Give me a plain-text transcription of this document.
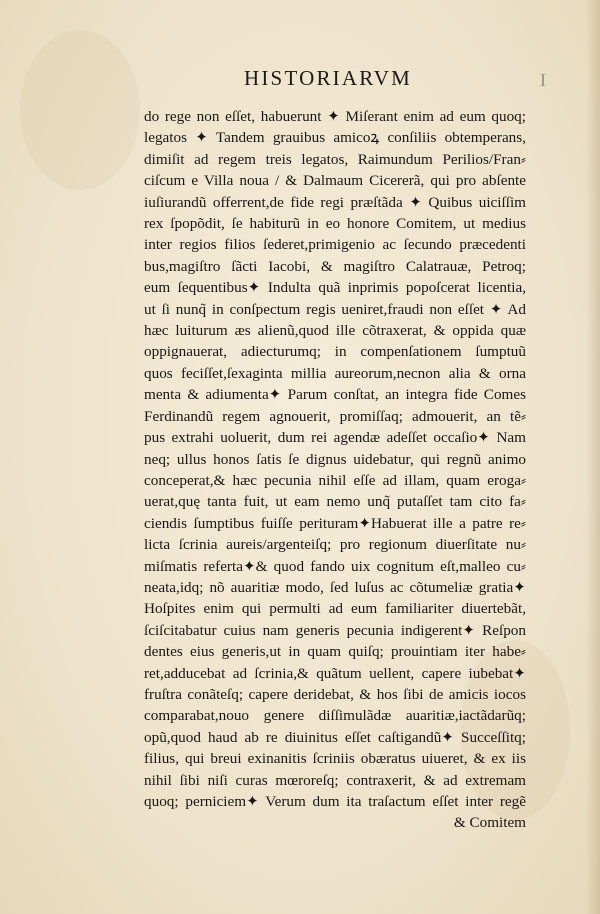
HISTORIARVM	I
do rege non eſſet, habuerunt ✦ Miſerant enim ad eum quoq;
legatos ✦ Tandem grauibus amicoꝝ conſiliis obtemperans,
dimiſit ad regem treis legatos, Raimundum Perilios/Fran⸗
ciſcum e Villa noua / & Dalmaum Cicererã, qui pro abſente
iuſiurandũ offerrent,de fide regi præſtãda ✦ Quibus uiciſſim
rex ſpopõdit, ſe habiturũ in eo honore Comitem, ut medius
inter regios filios ſederet,primigenio ac ſecundo præcedenti
bus,magiſtro ſãcti Iacobi, & magiſtro Calatrauæ, Petroq;
eum ſequentibus✦ Indulta quã inprimis popoſcerat licentia,
ut ſi nunq̃ in conſpectum regis ueniret,fraudi non eſſet ✦ Ad
hæc luiturum æs alienũ,quod ille cõtraxerat, & oppida quæ
oppignauerat, adiecturumq; in compenſationem ſumptuũ
quos feciſſet,ſexaginta millia aureorum,necnon alia & orna
menta & adiumenta✦ Parum conſtat, an integra fide Comes
Ferdinandũ regem agnouerit, promiſſaq; admouerit, an tẽ⸗
pus extrahi uoluerit, dum rei agendæ adeſſet occaſio✦ Nam
neq; ullus honos ſatis ſe dignus uidebatur, qui regnũ animo
conceperat,& hæc pecunia nihil eſſe ad illam, quam eroga⸗
uerat,quę tanta fuit, ut eam nemo unq̃ putaſſet tam cito fa⸗
ciendis ſumptibus fuiſſe perituram✦Habuerat ille a patre re⸗
licta ſcrinia aureis/argenteiſq; pro regionum diuerſitate nu⸗
miſmatis referta✦& quod fando uix cognitum eſt,malleo cu⸗
neata,idq; nõ auaritiæ modo, ſed luſus ac cõtumeliæ gratia✦
Hoſpites enim qui permulti ad eum familiariter diuertebãt,
ſciſcitabatur cuius nam generis pecunia indigerent✦ Reſpon
dentes eius generis,ut in quam quiſq; prouintiam iter habe⸗
ret,adducebat ad ſcrinia,& quãtum uellent, capere iubebat✦
fruſtra conãteſq; capere deridebat, & hos ſibi de amicis iocos
comparabat,nouo genere diſſimulãdæ auaritiæ,iactãdarũq;
opũ,quod haud ab re diuinitus eſſet caſtigandũ✦ Succeſſitq;
filius, qui breui exinanitis ſcriniis obæratus uiueret, & ex iis
nihil ſibi niſi curas mœroreſq; contraxerit, & ad extremam
quoq; perniciem✦ Verum dum ita traſactum eſſet inter regẽ
& Comitem
